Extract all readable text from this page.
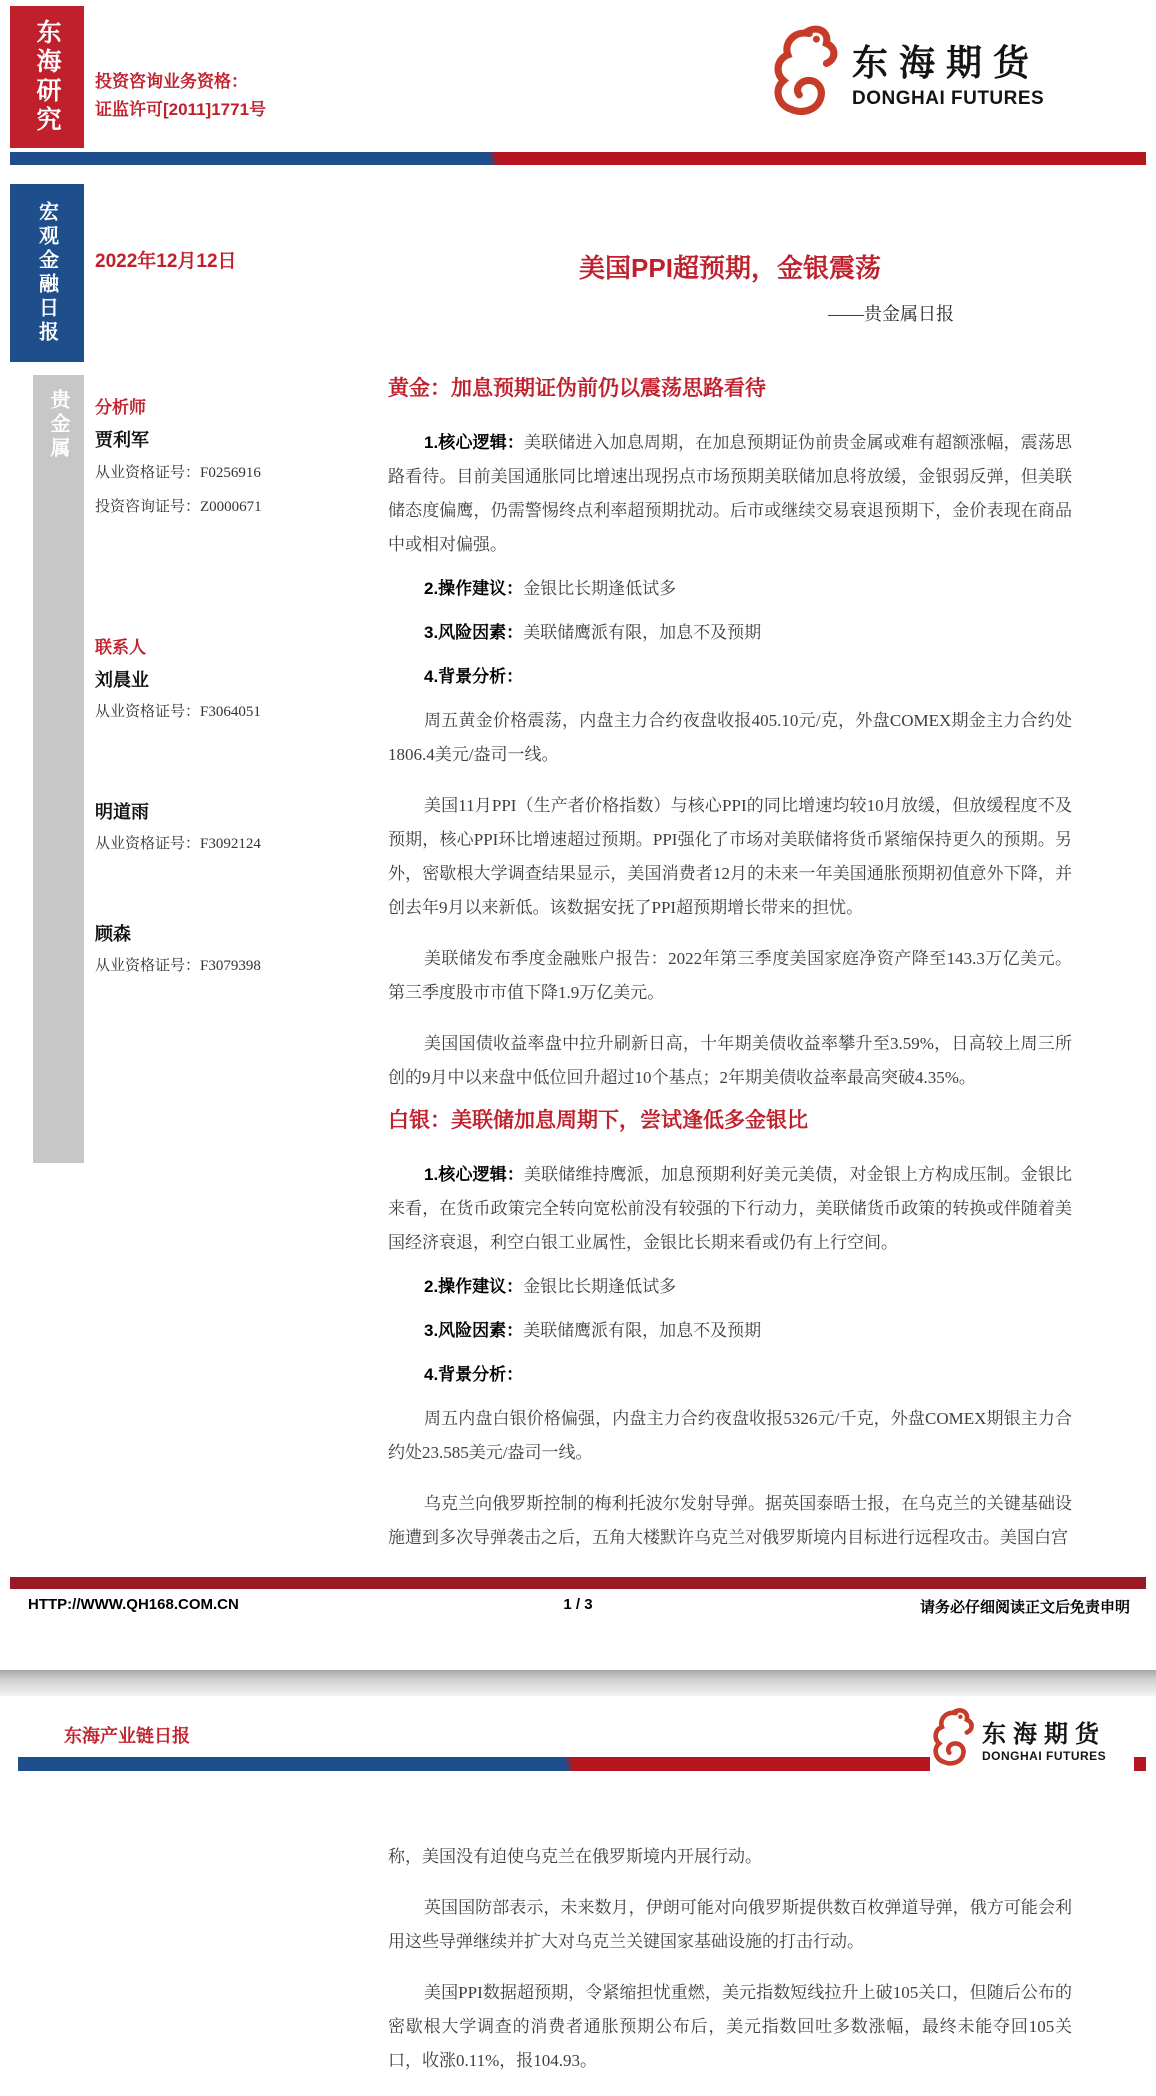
东海研究 投资咨询业务资格：
证监许可[2011]1771号
东海期货
DONGHAI FUTURES
宏观金融日报
贵金属
2022年12月12日	美国PPI超预期，金银震荡
——贵金属日报
分析师
贾利军
从业资格证号：F0256916
投资咨询证号：Z0000671
联系人
刘晨业
从业资格证号：F3064051
明道雨
从业资格证号：F3092124
顾森
从业资格证号：F3079398
黄金：加息预期证伪前仍以震荡思路看待

1.核心逻辑：美联储进入加息周期，在加息预期证伪前贵金属或难有超额涨幅，震荡思路看待。目前美国通胀同比增速出现拐点市场预期美联储加息将放缓，金银弱反弹，但美联储态度偏鹰，仍需警惕终点利率超预期扰动。后市或继续交易衰退预期下，金价表现在商品中或相对偏强。

2.操作建议：金银比长期逢低试多

3.风险因素：美联储鹰派有限，加息不及预期

4.背景分析：

周五黄金价格震荡，内盘主力合约夜盘收报405.10元/克，外盘COMEX期金主力合约处1806.4美元/盎司一线。

美国11月PPI（生产者价格指数）与核心PPI的同比增速均较10月放缓，但放缓程度不及预期，核心PPI环比增速超过预期。PPI强化了市场对美联储将货币紧缩保持更久的预期。另外，密歇根大学调查结果显示，美国消费者12月的未来一年美国通胀预期初值意外下降，并创去年9月以来新低。该数据安抚了PPI超预期增长带来的担忧。

美联储发布季度金融账户报告：2022年第三季度美国家庭净资产降至143.3万亿美元。第三季度股市市值下降1.9万亿美元。

美国国债收益率盘中拉升刷新日高，十年期美债收益率攀升至3.59%，日高较上周三所创的9月中以来盘中低位回升超过10个基点；2年期美债收益率最高突破4.35%。

白银：美联储加息周期下，尝试逢低多金银比

1.核心逻辑：美联储维持鹰派，加息预期利好美元美债，对金银上方构成压制。金银比来看，在货币政策完全转向宽松前没有较强的下行动力，美联储货币政策的转换或伴随着美国经济衰退，利空白银工业属性，金银比长期来看或仍有上行空间。

2.操作建议：金银比长期逢低试多

3.风险因素：美联储鹰派有限，加息不及预期

4.背景分析：

周五内盘白银价格偏强，内盘主力合约夜盘收报5326元/千克，外盘COMEX期银主力合约处23.585美元/盎司一线。

乌克兰向俄罗斯控制的梅利托波尔发射导弹。据英国泰晤士报，在乌克兰的关键基础设施遭到多次导弹袭击之后，五角大楼默许乌克兰对俄罗斯境内目标进行远程攻击。美国白宫

HTTP://WWW.QH168.COM.CN	1 / 3	请务必仔细阅读正文后免责申明
东海产业链日报	东海期货
DONGHAI FUTURES

称，美国没有迫使乌克兰在俄罗斯境内开展行动。

英国国防部表示，未来数月，伊朗可能对向俄罗斯提供数百枚弹道导弹，俄方可能会利用这些导弹继续并扩大对乌克兰关键国家基础设施的打击行动。

美国PPI数据超预期，令紧缩担忧重燃，美元指数短线拉升上破105关口，但随后公布的密歇根大学调查的消费者通胀预期公布后，美元指数回吐多数涨幅，最终未能夺回105关口，收涨0.11%，报104.93。
